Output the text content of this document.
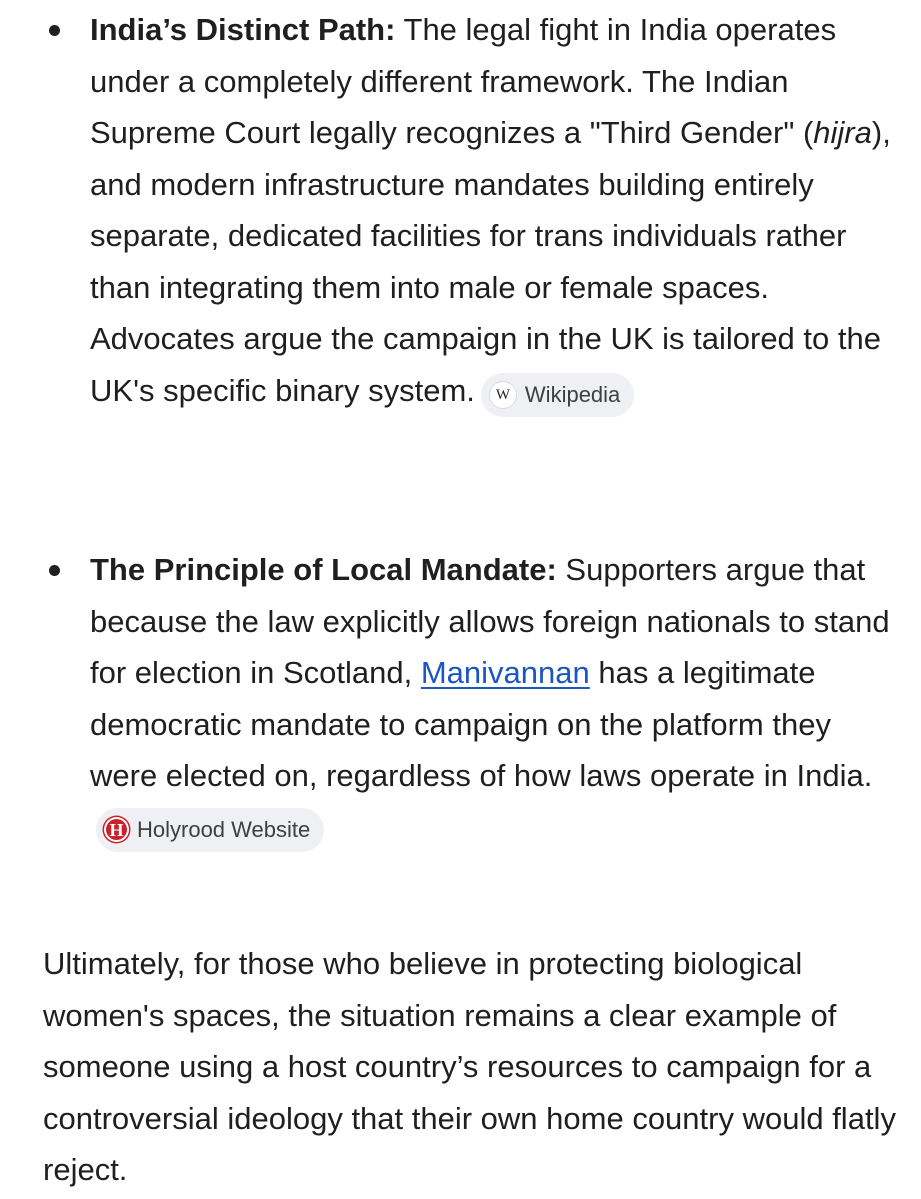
India’s Distinct Path: The legal fight in India operates under a completely different framework. The Indian Supreme Court legally recognizes a "Third Gender" (hijra), and modern infrastructure mandates building entirely separate, dedicated facilities for trans individuals rather than integrating them into male or female spaces. Advocates argue the campaign in the UK is tailored to the UK's specific binary system.	W Wikipedia

The Principle of Local Mandate: Supporters argue that because the law explicitly allows foreign nationals to stand for election in Scotland, Manivannan has a legitimate democratic mandate to campaign on the platform they were elected on, regardless of how laws operate in India.
H Holyrood Website

Ultimately, for those who believe in protecting biological women's spaces, the situation remains a clear example of someone using a host country’s resources to campaign for a controversial ideology that their own home country would flatly reject.
